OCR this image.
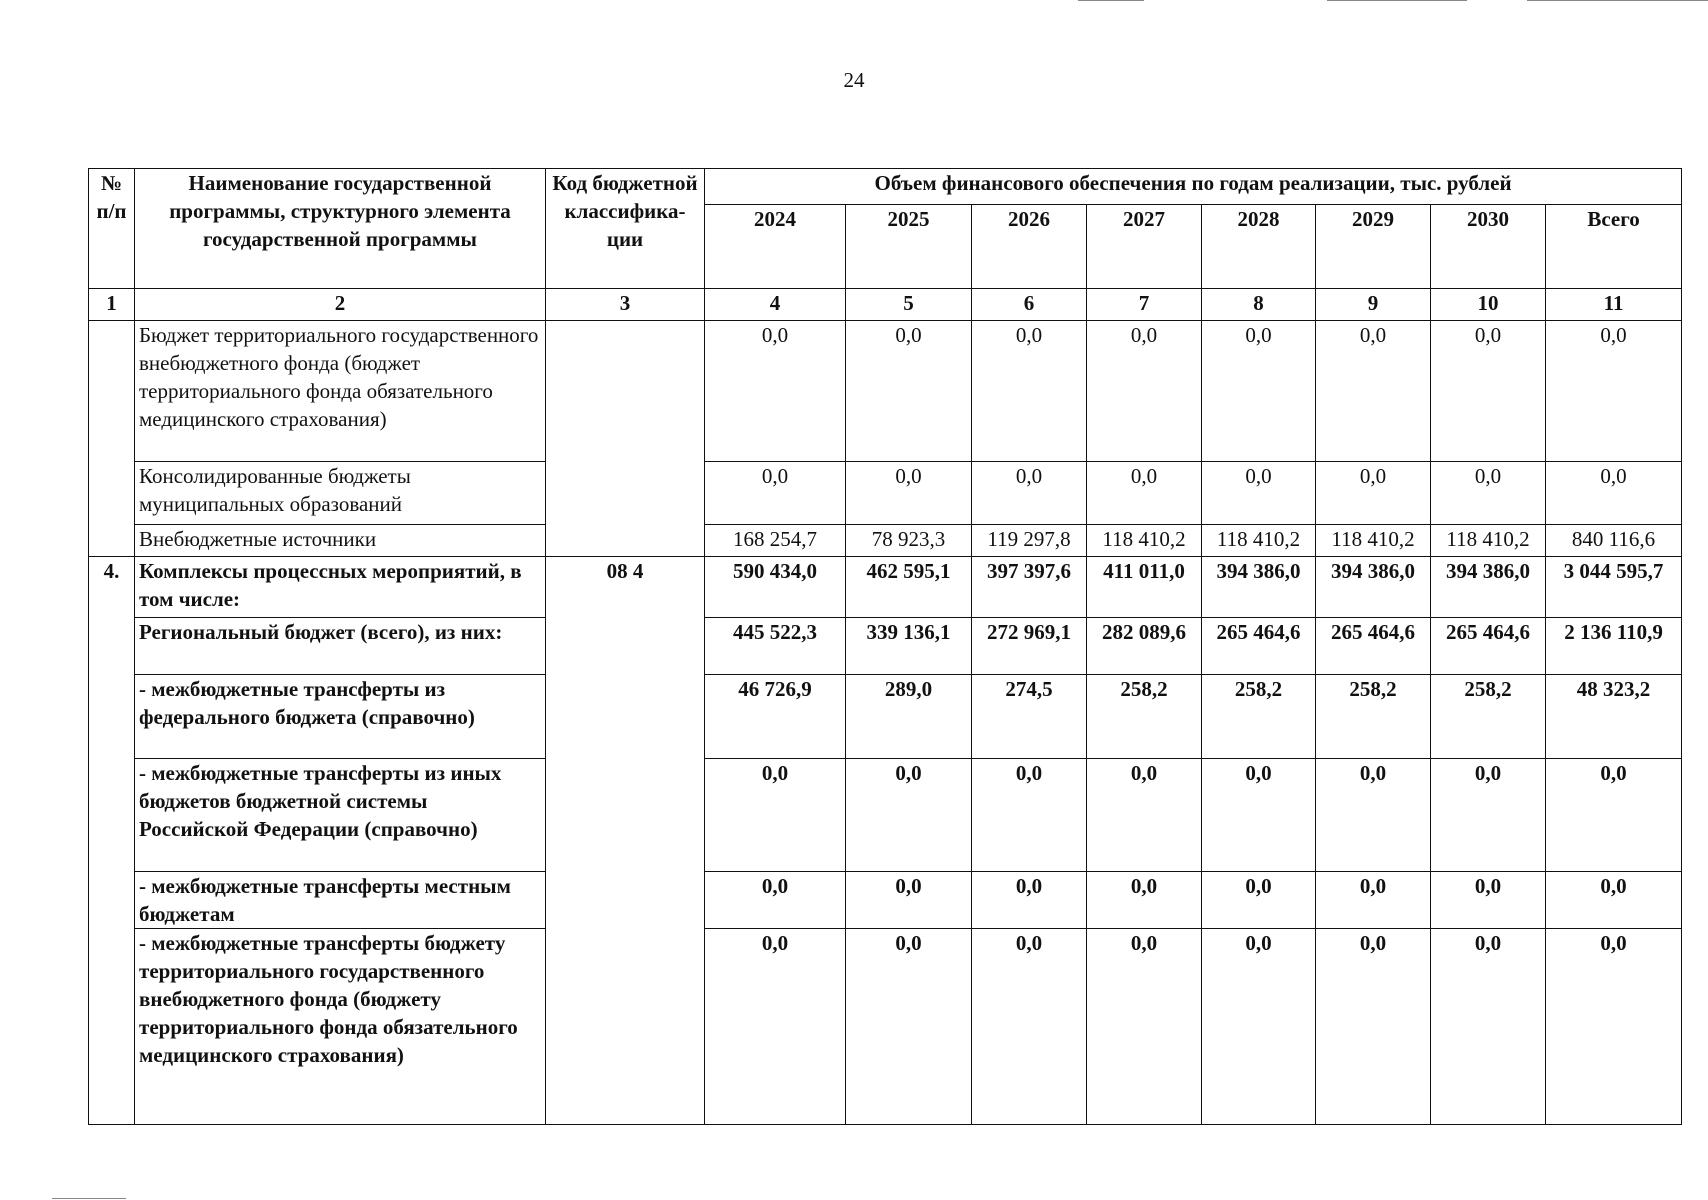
24
№ п/п	Наименование государственной программы, структурного элемента государственной программы	Код бюджетной классифика-ции	Объем финансового обеспечения по годам реализации, тыс. рублей							
			2024	2025	2026	2027	2028	2029	2030	Всего
1	2	3	4	5	6	7	8	9	10	11
	Бюджет территориального государственного внебюджетного фонда (бюджет территориального фонда обязательного медицинского страхования)		0,0	0,0	0,0	0,0	0,0	0,0	0,0	0,0
	Консолидированные бюджеты муниципальных образований		0,0	0,0	0,0	0,0	0,0	0,0	0,0	0,0
	Внебюджетные источники		168 254,7	78 923,3	119 297,8	118 410,2	118 410,2	118 410,2	118 410,2	840 116,6
4.	Комплексы процессных мероприятий, в том числе:	08 4	590 434,0	462 595,1	397 397,6	411 011,0	394 386,0	394 386,0	394 386,0	3 044 595,7
	Региональный бюджет (всего), из них:		445 522,3	339 136,1	272 969,1	282 089,6	265 464,6	265 464,6	265 464,6	2 136 110,9
	- межбюджетные трансферты из федерального бюджета (справочно)		46 726,9	289,0	274,5	258,2	258,2	258,2	258,2	48 323,2
	- межбюджетные трансферты из иных бюджетов бюджетной системы Российской Федерации (справочно)		0,0	0,0	0,0	0,0	0,0	0,0	0,0	0,0
	- межбюджетные трансферты местным бюджетам		0,0	0,0	0,0	0,0	0,0	0,0	0,0	0,0
	- межбюджетные трансферты бюджету территориального государственного внебюджетного фонда (бюджету территориального фонда обязательного медицинского страхования)		0,0	0,0	0,0	0,0	0,0	0,0	0,0	0,0
